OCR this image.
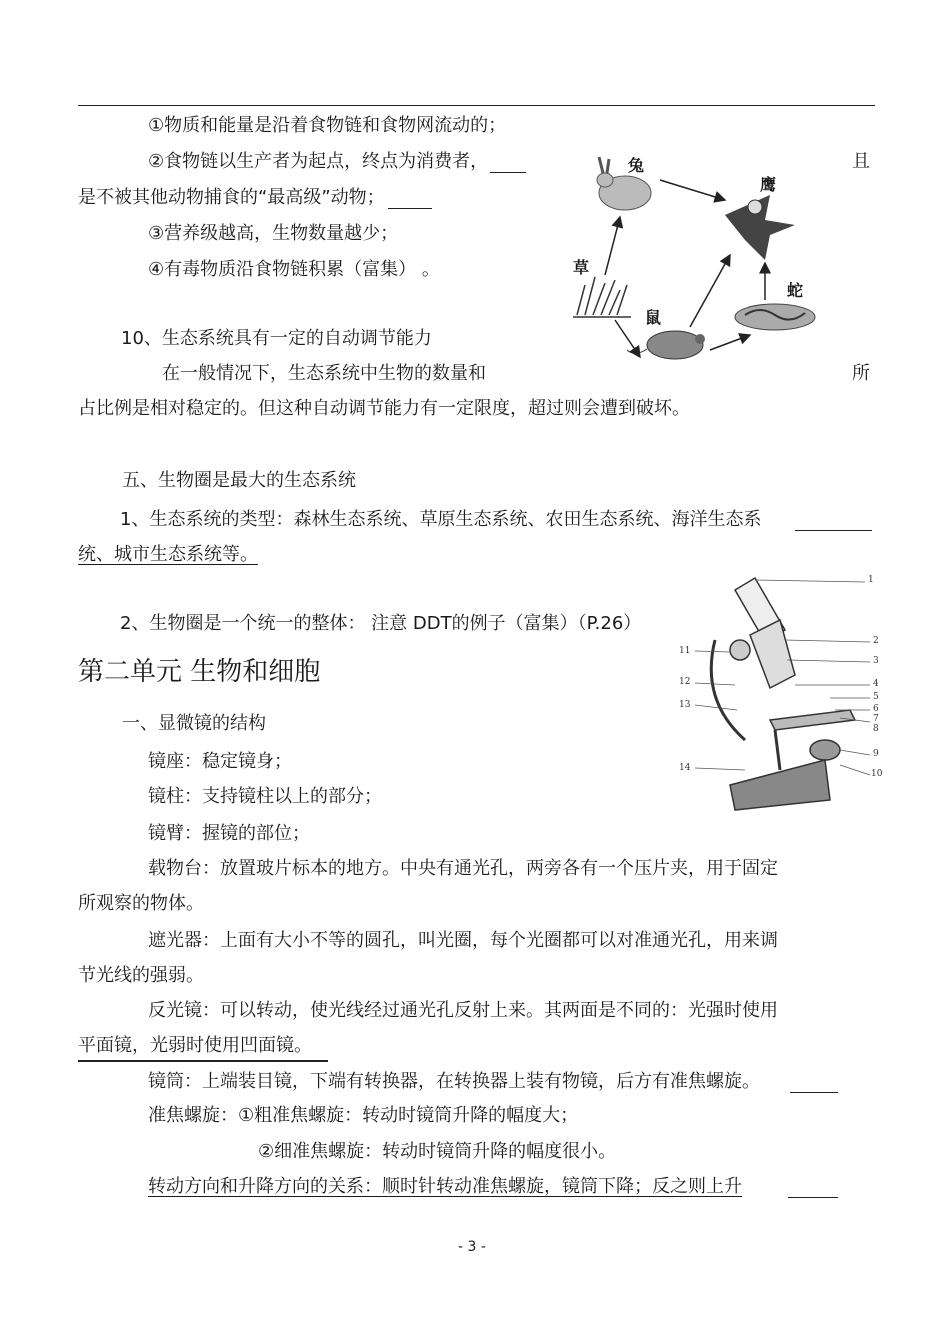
①物质和能量是沿着食物链和食物网流动的；
②食物链以生产者为起点，终点为消费者，	且
是不被其他动物捕食的“最高级”动物；
③营养级越高，生物数量越少；
④有毒物质沿食物链积累（富集） 。
10、生态系统具有一定的自动调节能力
在一般情况下，生态系统中生物的数量和	所
占比例是相对稳定的。但这种自动调节能力有一定限度，超过则会遭到破坏。
五、生物圈是最大的生态系统
1、生态系统的类型：森林生态系统、草原生态系统、农田生态系统、海洋生态系
统、城市生态系统等。
2、生物圈是一个统一的整体： 注意 DDT的例子（富集）（P.26）
第二单元 生物和细胞
一、显微镜的结构
镜座：稳定镜身；
镜柱：支持镜柱以上的部分；
镜臂：握镜的部位；
载物台：放置玻片标本的地方。中央有通光孔，两旁各有一个压片夹，用于固定
所观察的物体。
遮光器：上面有大小不等的圆孔，叫光圈，每个光圈都可以对准通光孔，用来调
节光线的强弱。
反光镜：可以转动，使光线经过通光孔反射上来。其两面是不同的：光强时使用
平面镜，光弱时使用凹面镜。
镜筒：上端装目镜，下端有转换器，在转换器上装有物镜，后方有准焦螺旋。
准焦螺旋：①粗准焦螺旋：转动时镜筒升降的幅度大；
②细准焦螺旋：转动时镜筒升降的幅度很小。
转动方向和升降方向的关系：顺时针转动准焦螺旋，镜筒下降；反之则上升
- 3 -
兔
鹰
草
蛇
鼠
1
2
3
4
5
6
7
8
9
10
11
12
13
14
